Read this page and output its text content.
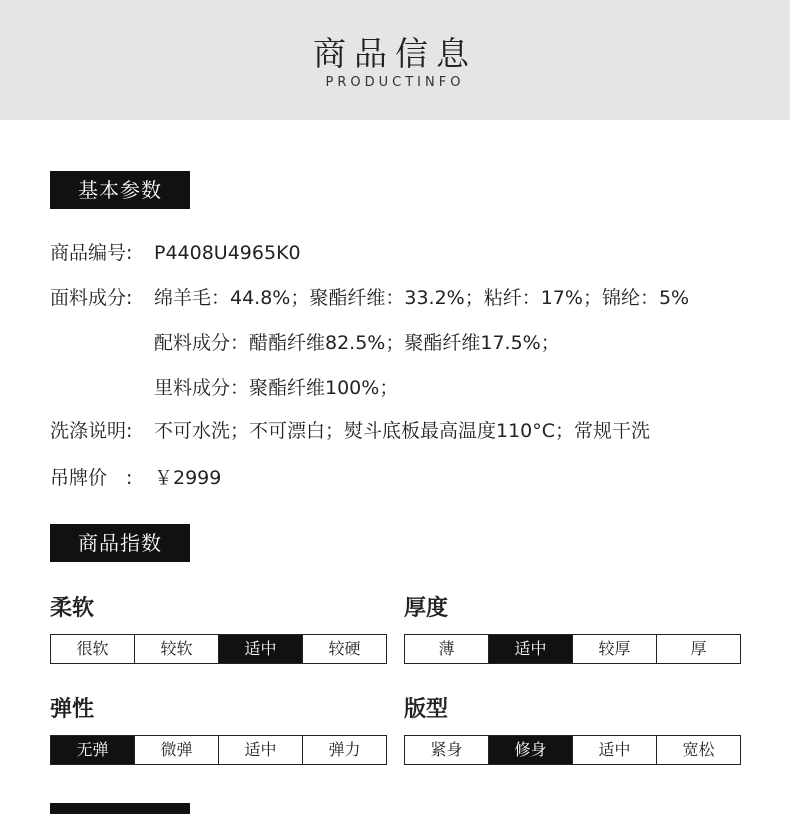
商品信息
PRODUCTINFO
基本参数
商品编号: P4408U4965K0
面料成分: 绵羊毛：44.8%；聚酯纤维：33.2%；粘纤：17%；锦纶：5%
配料成分：醋酯纤维82.5%；聚酯纤维17.5%；
里料成分：聚酯纤维100%；
洗涤说明: 不可水洗；不可漂白；熨斗底板最高温度110°C；常规干洗
吊牌价　: ￥2999
商品指数
柔软
很软	较软	适中	较硬
厚度
薄	适中	较厚	厚
弹性
无弹	微弹	适中	弹力
版型
紧身	修身	适中	宽松
